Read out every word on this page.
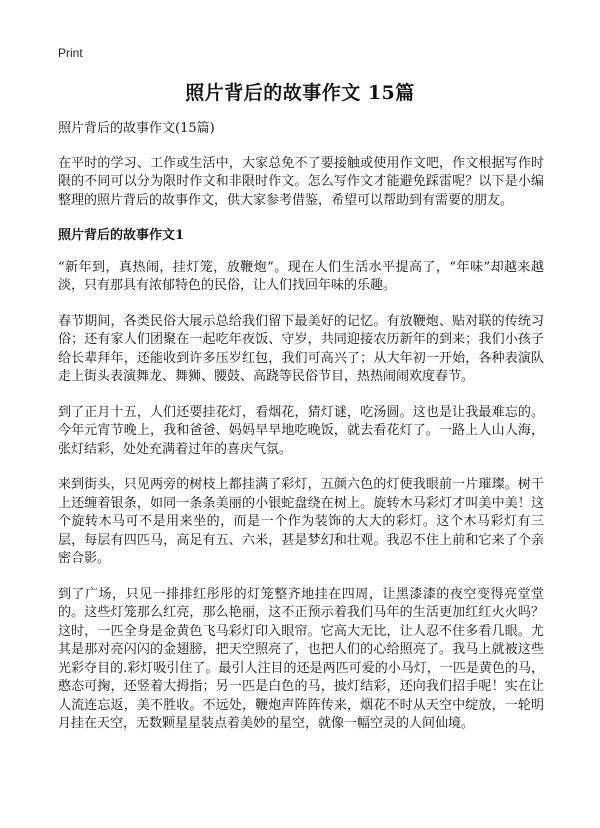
Print
照片背后的故事作文 15篇

照片背后的故事作文(15篇)

在平时的学习、工作或生活中，大家总免不了要接触或使用作文吧，作文根据写作时限的不同可以分为限时作文和非限时作文。怎么写作文才能避免踩雷呢？以下是小编整理的照片背后的故事作文，供大家参考借鉴，希望可以帮助到有需要的朋友。

照片背后的故事作文1

“新年到，真热闹，挂灯笼，放鞭炮”。现在人们生活水平提高了，“年味”却越来越淡，只有那具有浓郁特色的民俗，让人们找回年味的乐趣。

春节期间，各类民俗大展示总给我们留下最美好的记忆。有放鞭炮、贴对联的传统习俗；还有家人们团聚在一起吃年夜饭、守岁，共同迎接农历新年的到来；我们小孩子给长辈拜年，还能收到许多压岁红包，我们可高兴了；从大年初一开始，各种表演队走上街头表演舞龙、舞狮、腰鼓、高跷等民俗节目，热热闹闹欢度春节。

到了正月十五，人们还要挂花灯，看烟花，猜灯谜，吃汤圆。这也是让我最难忘的。今年元宵节晚上，我和爸爸、妈妈早早地吃晚饭，就去看花灯了。一路上人山人海，张灯结彩，处处充满着过年的喜庆气氛。

来到街头，只见两旁的树枝上都挂满了彩灯，五颜六色的灯使我眼前一片璀璨。树干上还缠着银条，如同一条条美丽的小银蛇盘绕在树上。旋转木马彩灯才叫美中美！这个旋转木马可不是用来坐的，而是一个作为装饰的大大的彩灯。这个木马彩灯有三层，每层有四匹马，高足有五、六米，甚是梦幻和壮观。我忍不住上前和它来了个亲密合影。

到了广场，只见一排排红彤彤的灯笼整齐地挂在四周，让黑漆漆的夜空变得亮堂堂的。这些灯笼那么红亮，那么艳丽，这不正预示着我们马年的生活更加红红火火吗？这时，一匹全身是金黄色飞马彩灯印入眼帘。它高大无比，让人忍不住多看几眼。尤其是那对亮闪闪的金翅膀，把天空照亮了，也把人们的心给照亮了。我马上就被这些光彩夺目的.彩灯吸引住了。最引人注目的还是两匹可爱的小马灯，一匹是黄色的马，憨态可掬，还竖着大拇指；另一匹是白色的马，披灯结彩，还向我们招手呢！实在让人流连忘返，美不胜收。不远处，鞭炮声阵阵传来，烟花不时从天空中绽放，一轮明月挂在天空，无数颗星星装点着美妙的星空，就像一幅空灵的人间仙境。
